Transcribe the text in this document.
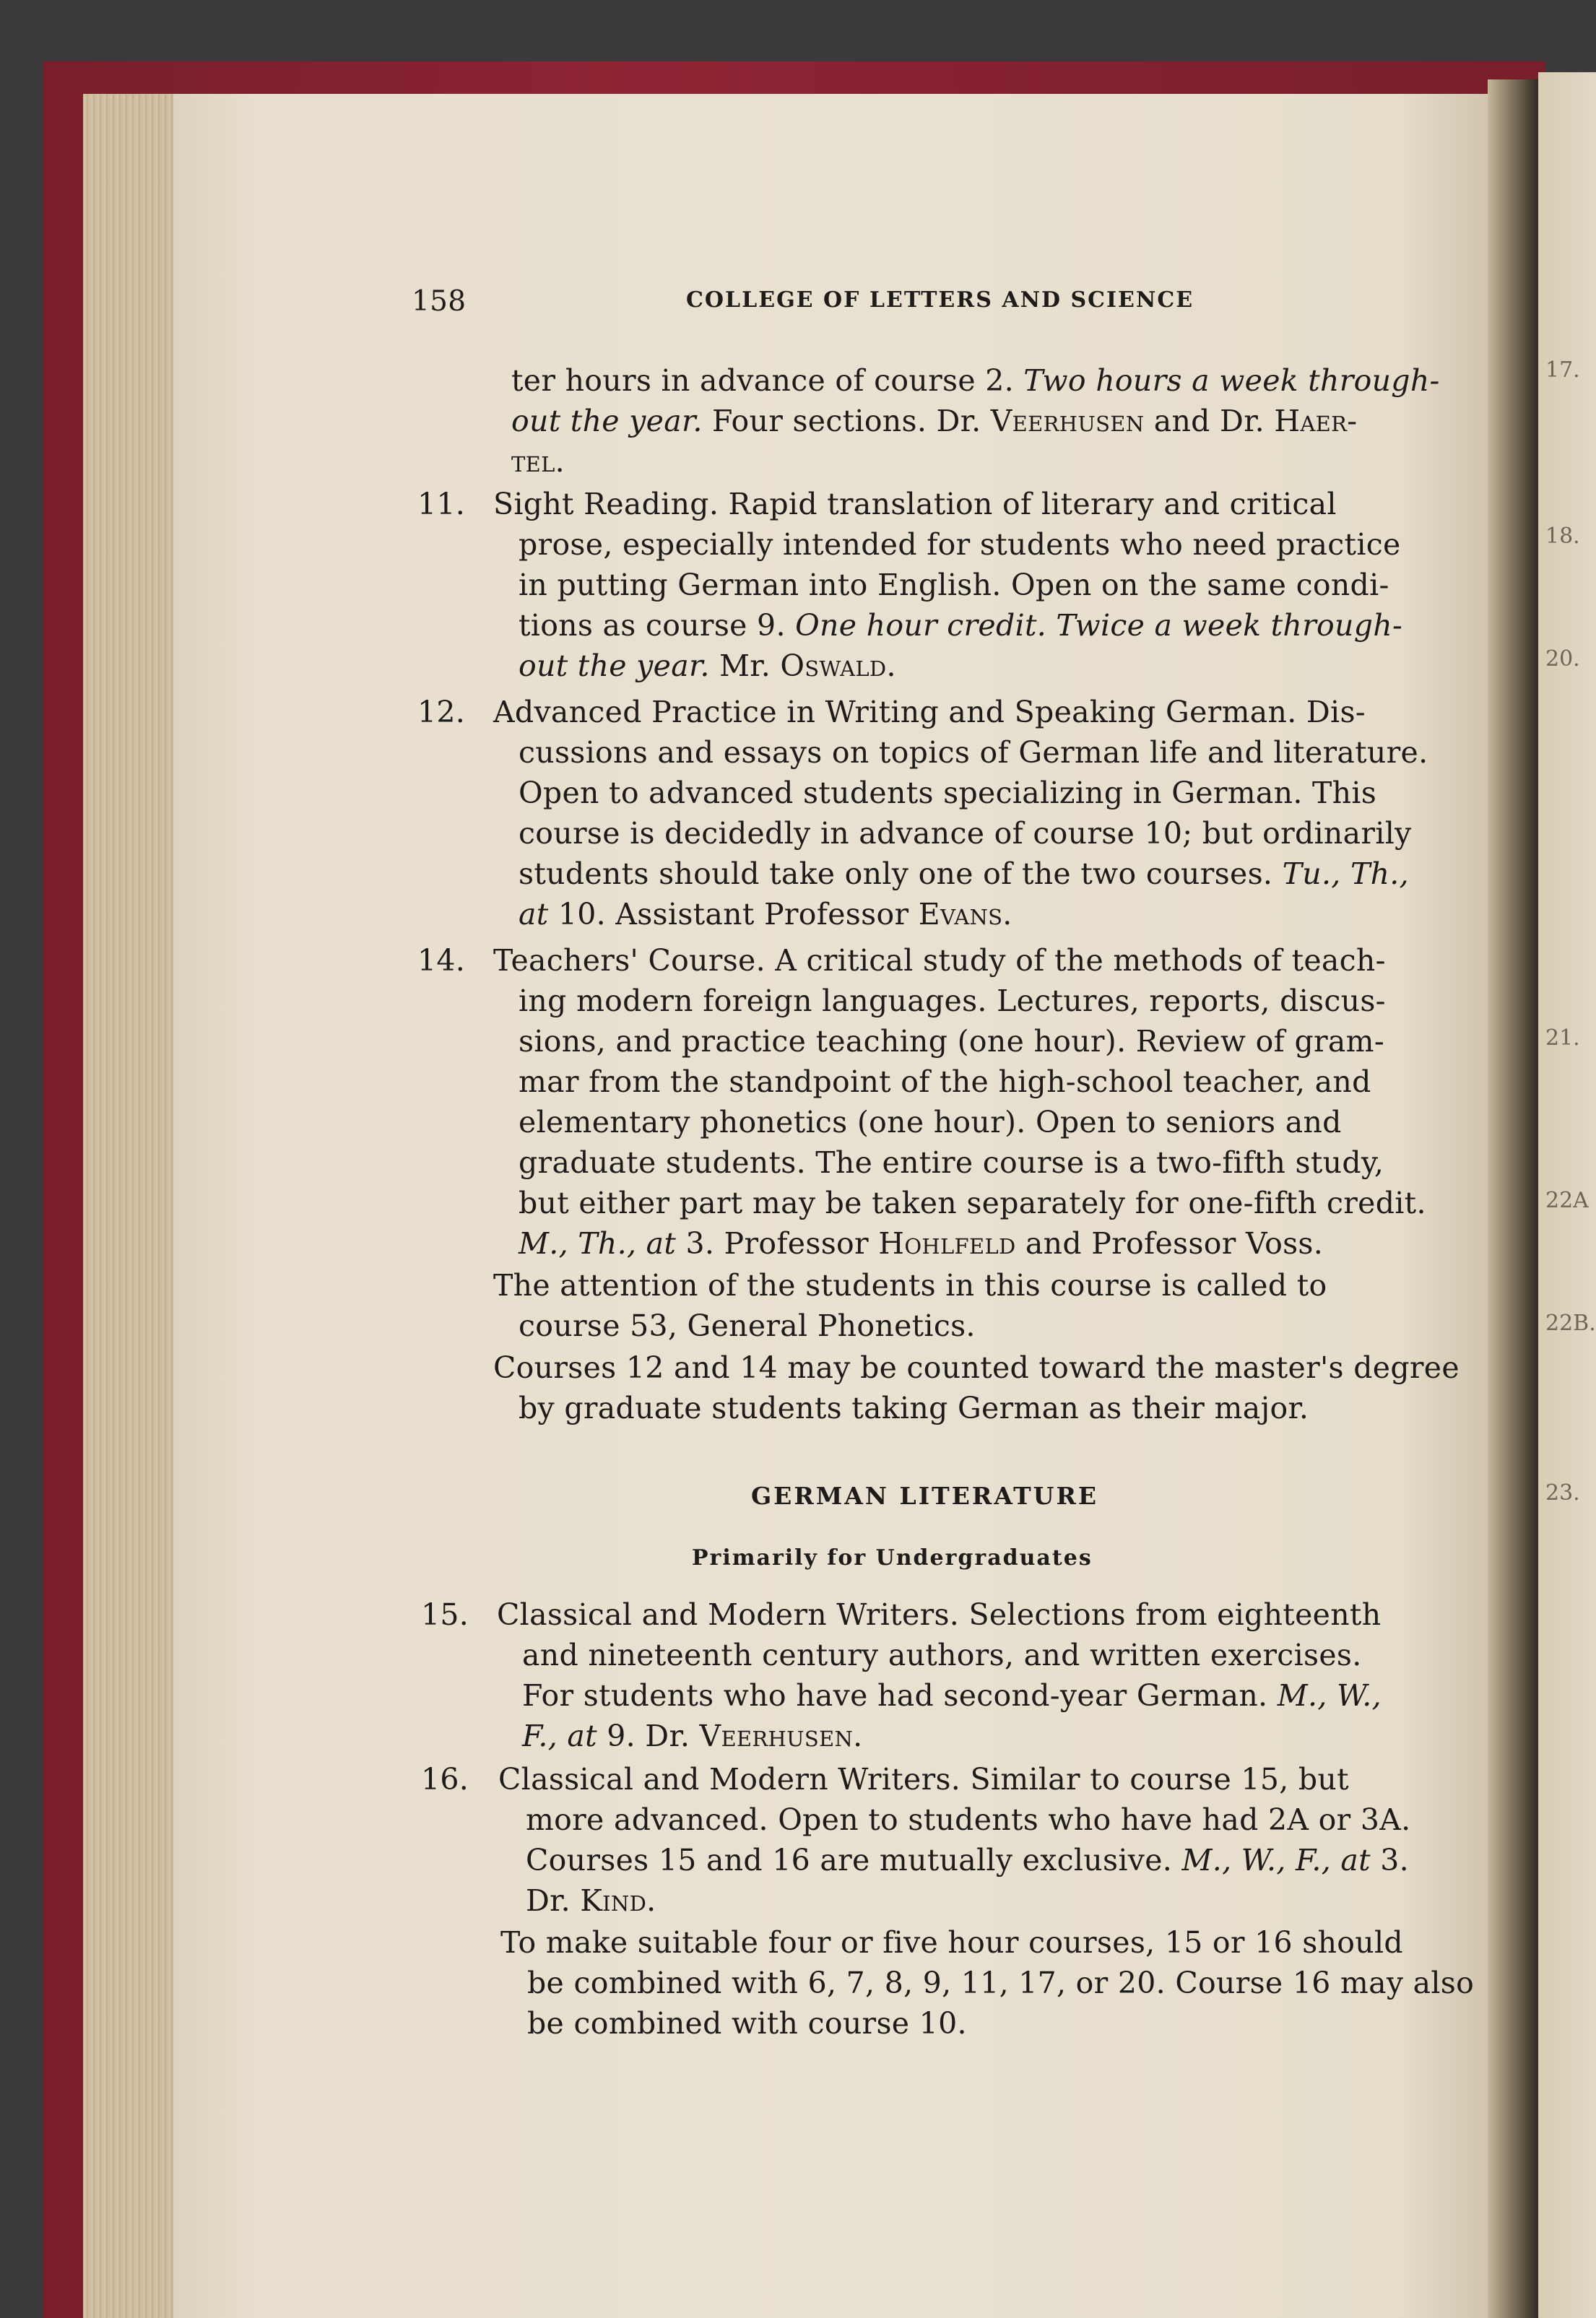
17.
18.
20.
21.
22A
22B.
23.
158	COLLEGE OF LETTERS AND SCIENCE
ter hours in advance of course 2. Two hours a week through-
out the year. Four sections. Dr. Veerhusen and Dr. Haer-
tel.
11. Sight Reading. Rapid translation of literary and critical
prose, especially intended for students who need practice
in putting German into English. Open on the same condi-
tions as course 9. One hour credit. Twice a week through-
out the year. Mr. Oswald.
12. Advanced Practice in Writing and Speaking German. Dis-
cussions and essays on topics of German life and literature.
Open to advanced students specializing in German. This
course is decidedly in advance of course 10; but ordinarily
students should take only one of the two courses. Tu., Th.,
at 10. Assistant Professor Evans.
14. Teachers' Course. A critical study of the methods of teach-
ing modern foreign languages. Lectures, reports, discus-
sions, and practice teaching (one hour). Review of gram-
mar from the standpoint of the high-school teacher, and
elementary phonetics (one hour). Open to seniors and
graduate students. The entire course is a two-fifth study,
but either part may be taken separately for one-fifth credit.
M., Th., at 3. Professor Hohlfeld and Professor Voss.
The attention of the students in this course is called to
course 53, General Phonetics.
Courses 12 and 14 may be counted toward the master's degree
by graduate students taking German as their major.
GERMAN LITERATURE
Primarily for Undergraduates
15. Classical and Modern Writers. Selections from eighteenth
and nineteenth century authors, and written exercises.
For students who have had second-year German. M., W.,
F., at 9. Dr. Veerhusen.
16. Classical and Modern Writers. Similar to course 15, but
more advanced. Open to students who have had 2A or 3A.
Courses 15 and 16 are mutually exclusive. M., W., F., at 3.
Dr. Kind.
To make suitable four or five hour courses, 15 or 16 should
be combined with 6, 7, 8, 9, 11, 17, or 20. Course 16 may also
be combined with course 10.
